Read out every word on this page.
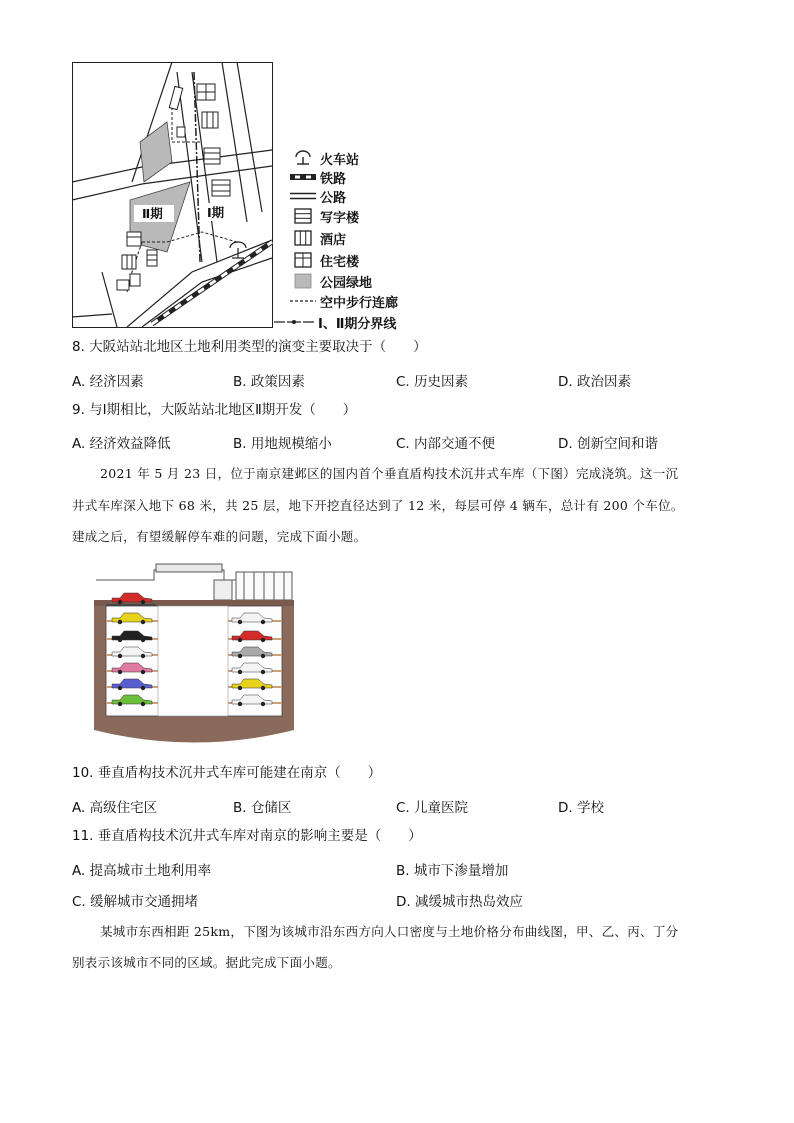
Ⅱ期	Ⅰ期
火车站
铁路
公路
写字楼
酒店
住宅楼
公园绿地
空中步行连廊
Ⅰ、Ⅱ期分界线
8. 大阪站站北地区土地利用类型的演变主要取决于（　　）
A. 经济因素	B. 政策因素	C. 历史因素	D. 政治因素
9. 与Ⅰ期相比，大阪站站北地区Ⅱ期开发（　　）
A. 经济效益降低	B. 用地规模缩小	C. 内部交通不便	D. 创新空间和谐
2021 年 5 月 23 日，位于南京建邺区的国内首个垂直盾构技术沉井式车库（下图）完成浇筑。这一沉
井式车库深入地下 68 米，共 25 层，地下开挖直径达到了 12 米，每层可停 4 辆车，总计有 200 个车位。
建成之后，有望缓解停车难的问题，完成下面小题。
10. 垂直盾构技术沉井式车库可能建在南京（　　）
A. 高级住宅区	B. 仓储区	C. 儿童医院	D. 学校
11. 垂直盾构技术沉井式车库对南京的影响主要是（　　）
A. 提高城市土地利用率	B. 城市下渗量增加
C. 缓解城市交通拥堵	D. 减缓城市热岛效应
某城市东西相距 25km，下图为该城市沿东西方向人口密度与土地价格分布曲线图，甲、乙、丙、丁分
别表示该城市不同的区域。据此完成下面小题。
